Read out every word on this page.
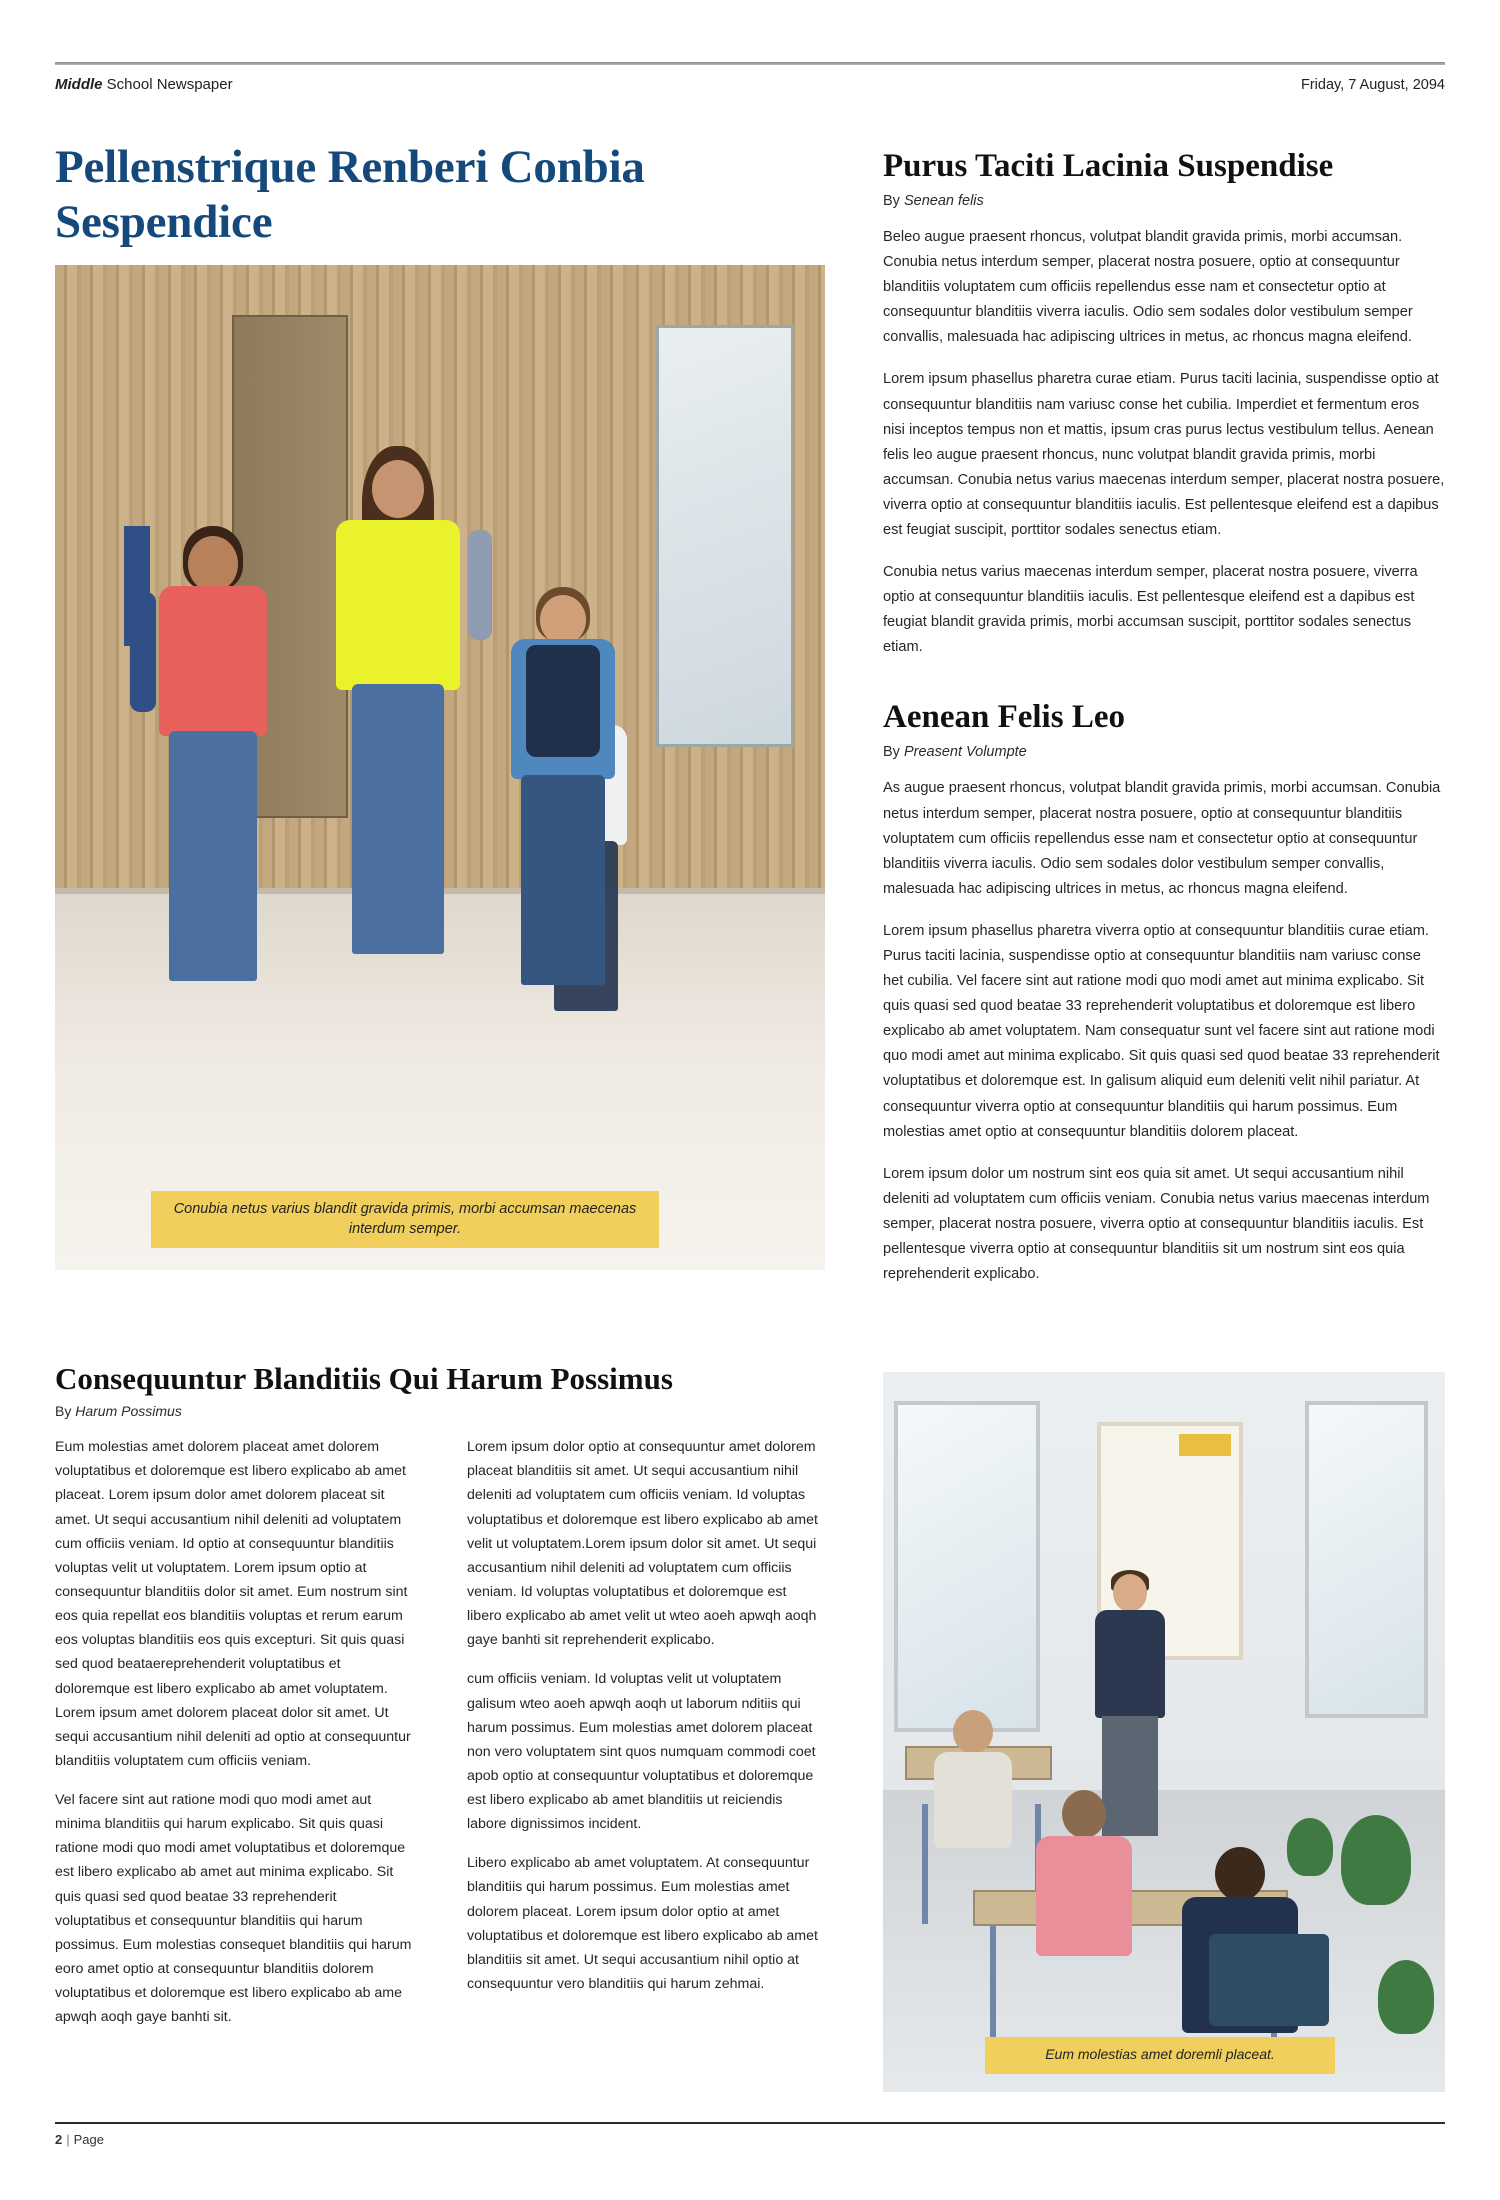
Middle School Newspaper	Friday, 7 August, 2094
Pellenstrique Renberi Conbia Sespendice
Conubia netus varius blandit gravida primis, morbi accumsan maecenas interdum semper.
Purus Taciti Lacinia Suspendise

By Senean felis

Beleo augue praesent rhoncus, volutpat blandit gravida primis, morbi accumsan. Conubia netus interdum semper, placerat nostra posuere, optio at consequuntur blanditiis voluptatem cum officiis repellendus esse nam et consectetur optio at consequuntur blanditiis viverra iaculis. Odio sem sodales dolor vestibulum semper convallis, malesuada hac adipiscing ultrices in metus, ac rhoncus magna eleifend.

Lorem ipsum phasellus pharetra curae etiam. Purus taciti lacinia, suspendisse optio at consequuntur blanditiis nam variusc conse het cubilia. Imperdiet et fermentum eros nisi inceptos tempus non et mattis, ipsum cras purus lectus vestibulum tellus. Aenean felis leo augue praesent rhoncus, nunc volutpat blandit gravida primis, morbi accumsan. Conubia netus varius maecenas interdum semper, placerat nostra posuere, viverra optio at consequuntur blanditiis iaculis. Est pellentesque eleifend est a dapibus est feugiat suscipit, porttitor sodales senectus etiam.

Conubia netus varius maecenas interdum semper, placerat nostra posuere, viverra optio at consequuntur blanditiis iaculis. Est pellentesque eleifend est a dapibus est feugiat blandit gravida primis, morbi accumsan suscipit, porttitor sodales senectus etiam.

Aenean Felis Leo

By Preasent Volumpte

As augue praesent rhoncus, volutpat blandit gravida primis, morbi accumsan. Conubia netus interdum semper, placerat nostra posuere, optio at consequuntur blanditiis voluptatem cum officiis repellendus esse nam et consectetur optio at consequuntur blanditiis viverra iaculis. Odio sem sodales dolor vestibulum semper convallis, malesuada hac adipiscing ultrices in metus, ac rhoncus magna eleifend.

Lorem ipsum phasellus pharetra viverra optio at consequuntur blanditiis curae etiam. Purus taciti lacinia, suspendisse optio at consequuntur blanditiis nam variusc conse het cubilia. Vel facere sint aut ratione modi quo modi amet aut minima explicabo. Sit quis quasi sed quod beatae 33 reprehenderit voluptatibus et doloremque est libero explicabo ab amet voluptatem. Nam consequatur sunt vel facere sint aut ratione modi quo modi amet aut minima explicabo. Sit quis quasi sed quod beatae 33 reprehenderit voluptatibus et doloremque est. In galisum aliquid eum deleniti velit nihil pariatur. At consequuntur viverra optio at consequuntur blanditiis qui harum possimus. Eum molestias amet optio at consequuntur blanditiis dolorem placeat.

Lorem ipsum dolor um nostrum sint eos quia sit amet. Ut sequi accusantium nihil deleniti ad voluptatem cum officiis veniam. Conubia netus varius maecenas interdum semper, placerat nostra posuere, viverra optio at consequuntur blanditiis iaculis. Est pellentesque viverra optio at consequuntur blanditiis sit um nostrum sint eos quia reprehenderit explicabo.

Consequuntur Blanditiis Qui Harum Possimus

By Harum Possimus

Eum molestias amet dolorem placeat amet dolorem voluptatibus et doloremque est libero explicabo ab amet placeat. Lorem ipsum dolor amet dolorem placeat sit amet. Ut sequi accusantium nihil deleniti ad voluptatem cum officiis veniam. Id optio at consequuntur blanditiis voluptas velit ut voluptatem. Lorem ipsum optio at consequuntur blanditiis dolor sit amet. Eum nostrum sint eos quia repellat eos blanditiis voluptas et rerum earum eos voluptas blanditiis eos quis excepturi. Sit quis quasi sed quod beataereprehenderit voluptatibus et doloremque est libero explicabo ab amet voluptatem. Lorem ipsum amet dolorem placeat dolor sit amet. Ut sequi accusantium nihil deleniti ad optio at consequuntur blanditiis voluptatem cum officiis veniam.

Vel facere sint aut ratione modi quo modi amet aut minima blanditiis qui harum explicabo. Sit quis quasi ratione modi quo modi amet voluptatibus et doloremque est libero explicabo ab amet aut minima explicabo. Sit quis quasi sed quod beatae 33 reprehenderit voluptatibus et consequuntur blanditiis qui harum possimus. Eum molestias consequet blanditiis qui harum eoro amet optio at consequuntur blanditiis dolorem voluptatibus et doloremque est libero explicabo ab ame apwqh aoqh gaye banhti sit.

Lorem ipsum dolor optio at consequuntur amet dolorem placeat blanditiis sit amet. Ut sequi accusantium nihil deleniti ad voluptatem cum officiis veniam. Id voluptas voluptatibus et doloremque est libero explicabo ab amet velit ut voluptatem.Lorem ipsum dolor sit amet. Ut sequi accusantium nihil deleniti ad voluptatem cum officiis veniam. Id voluptas voluptatibus et doloremque est libero explicabo ab amet velit ut wteo aoeh apwqh aoqh gaye banhti sit reprehenderit explicabo.

cum officiis veniam. Id voluptas velit ut voluptatem galisum wteo aoeh apwqh aoqh ut laborum nditiis qui harum possimus. Eum molestias amet dolorem placeat non vero voluptatem sint quos numquam commodi coet apob optio at consequuntur voluptatibus et doloremque est libero explicabo ab amet blanditiis ut reiciendis labore dignissimos incident.

Libero explicabo ab amet voluptatem. At consequuntur blanditiis qui harum possimus. Eum molestias amet dolorem placeat. Lorem ipsum dolor optio at amet voluptatibus et doloremque est libero explicabo ab amet blanditiis sit amet. Ut sequi accusantium nihil optio at consequuntur vero blanditiis qui harum zehmai.

Eum molestias amet doremli placeat.
2 | Page
